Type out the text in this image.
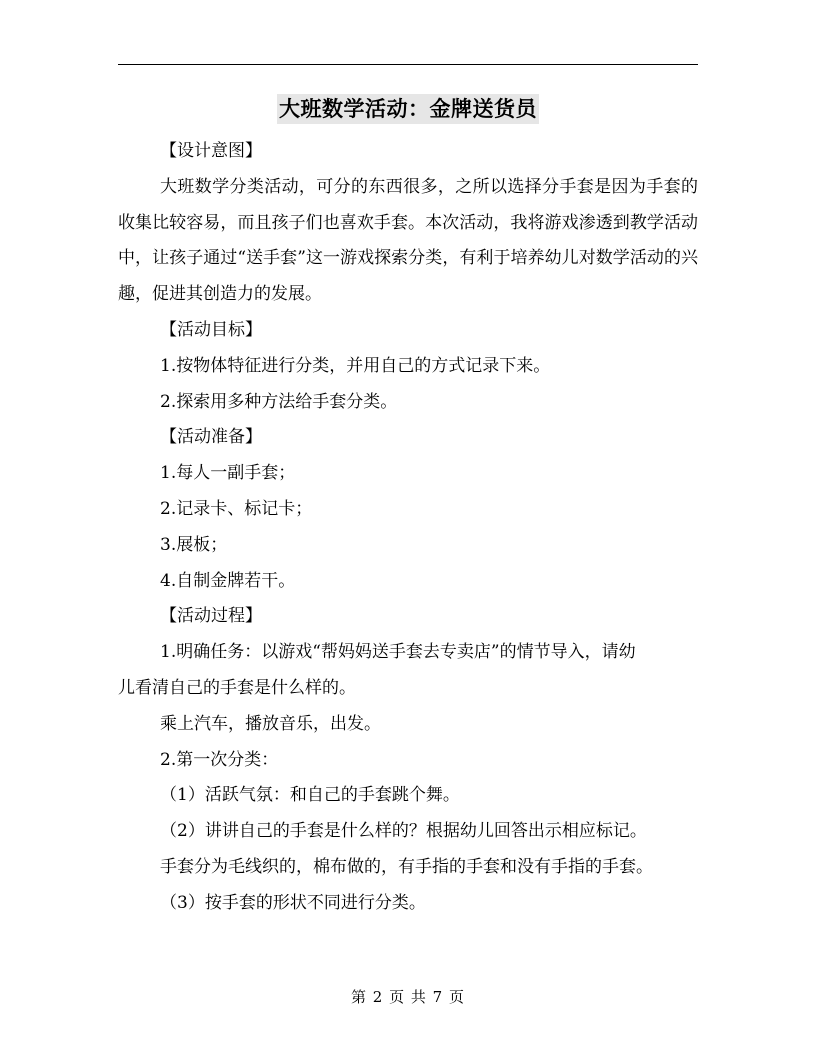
大班数学活动：金牌送货员
【设计意图】
大班数学分类活动，可分的东西很多，之所以选择分手套是因为手套的收集比较容易，而且孩子们也喜欢手套。本次活动，我将游戏渗透到教学活动中，让孩子通过“送手套”这一游戏探索分类，有利于培养幼儿对数学活动的兴趣，促进其创造力的发展。
【活动目标】
1.按物体特征进行分类，并用自己的方式记录下来。
2.探索用多种方法给手套分类。
【活动准备】
1.每人一副手套；
2.记录卡、标记卡；
3.展板；
4.自制金牌若干。
【活动过程】
1.明确任务：以游戏“帮妈妈送手套去专卖店”的情节导入，请幼
儿看清自己的手套是什么样的。
乘上汽车，播放音乐，出发。
2.第一次分类：
（1）活跃气氛：和自己的手套跳个舞。
（2）讲讲自己的手套是什么样的？根据幼儿回答出示相应标记。
手套分为毛线织的，棉布做的，有手指的手套和没有手指的手套。
（3）按手套的形状不同进行分类。
第 2 页 共 7 页
